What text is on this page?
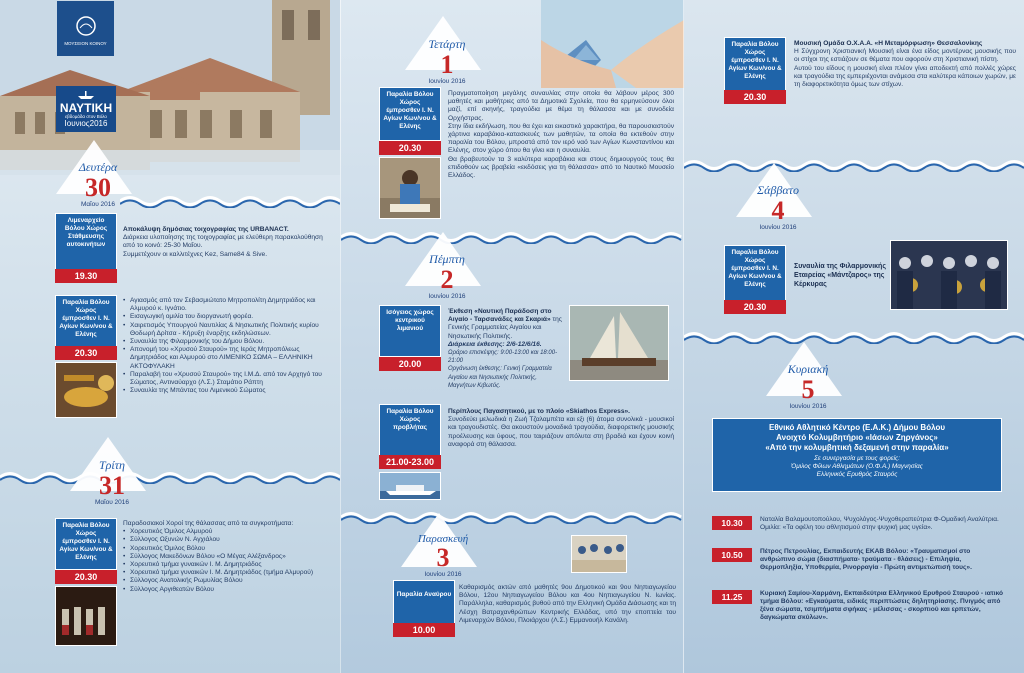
ΜΟΥΣΕΙΟΝ ΚΟΙΝΟΥ
ΝΑΥΤΙΚΗ
εβδομάδα στον Βόλο
Ιουνιος2016
Δευτέρα
30
Μαΐου 2016
Λιμεναρχείο Βόλου Χώρος Στάθμευσης αυτοκινήτων
19.30
Αποκάλυψη δημόσιας τοιχογραφίας της URBANACT.
Διάρκεια υλοποίησης της τοιχογραφίας με ελεύθερη παρακολούθηση από το κοινό: 25-30 Μαΐου.
Συμμετέχουν οι καλλιτέχνες Kez, Same84 & Sive.
Παραλία Βόλου Χώρος έμπροσθεν Ι. Ν. Αγίων Κων/νου & Ελένης
20.30
• Αγιασμός από τον Σεβασμιώτατο Μητροπολίτη Δημητριάδος και Αλμυρού κ. Ιγνάτιο.
• Εισαγωγική ομιλία του διοργανωτή φορέα.
• Χαιρετισμός Υπουργού Ναυτιλίας & Νησιωτικής Πολιτικής κυρίου Θοδωρή Δρίτσα - Κήρυξη έναρξης εκδηλώσεων.
• Συναυλία της Φιλαρμονικής του Δήμου Βόλου.
• Απονομή του «Χρυσού Σταυρού» της Ιεράς Μητροπόλεως Δημητριάδος και Αλμυρού στο ΛΙΜΕΝΙΚΟ ΣΩΜΑ – ΕΛΛΗΝΙΚΗ ΑΚΤΟΦΥΛΑΚΗ
• Παραλαβή του «Χρυσού Σταυρού» της Ι.Μ.Δ. από τον Αρχηγό του Σώματος, Αντιναύαρχο (Λ.Σ.) Σταμάτιο Ράπτη
• Συναυλία της Μπάντας του Λιμενικού Σώματος
Τρίτη
31
Μαΐου 2016
Παραλία Βόλου Χώρος έμπροσθεν Ι. Ν. Αγίων Κων/νου & Ελένης
20.30
Παραδοσιακοί Χοροί της θάλασσας από τα συγκροτήματα:
• Χορευτικός Όμιλος Αλμυρού
• Σύλλογος Ωξυνών Ν. Αγχιάλου
• Χορευτικός Όμιλος Βόλου
• Σύλλογος Μακεδόνων Βόλου «Ο Μέγας Αλέξανδρος»
• Χορευτικό τμήμα γυναικών Ι. Μ. Δημητριάδος
• Χορευτικό τμήμα γυναικών Ι. Μ. Δημητριάδος (τμήμα Αλμυρού)
• Σύλλογος Ανατολικής Ρωμυλίας Βόλου
• Σύλλογος Αργιθεατών Βόλου
Τετάρτη
1
Ιουνίου 2016
Παραλία Βόλου Χώρος έμπροσθεν Ι. Ν. Αγίων Κων/νου & Ελένης
20.30

Πραγματοποίηση μεγάλης συναυλίας στην οποία θα λάβουν μέρος 300 μαθητές και μαθήτριες από τα Δημοτικά Σχολεία, που θα ερμηνεύσουν όλοι μαζί, επί σκηνής, τραγούδια με θέμα τη θάλασσα και με συνοδεία Ορχήστρας.

Στην ίδια εκδήλωση, που θα έχει και εικαστικό χαρακτήρα, θα παρουσιαστούν χάρτινα καραβάκια-κατασκευές των μαθητών, τα οποία θα εκτεθούν στην παραλία του Βόλου, μπροστά από τον ιερό ναό των Αγίων Κωνσταντίνου και Ελένης, στον χώρο όπου θα γίνει και η συναυλία.

Θα βραβευτούν τα 3 καλύτερα καραβάκια και στους δημιουργούς τους θα επιδοθούν ως βραβεία «εκδόσεις για τη θάλασσα» από το Ναυτικό Μουσείο Ελλάδος.

Πέμπτη
2
Ιουνίου 2016
Ισόγειος χώρος κεντρικού λιμανιού
20.00
Έκθεση «Ναυτική Παράδοση στο Αιγαίο - Ταρσανάδες και Σκαριά» της Γενικής Γραμματείας Αιγαίου και Νησιωτικής Πολιτικής.
Διάρκεια έκθεσης: 2/6-12/6/16.
Ωράριο επισκέψης: 9:00-13:00 και 18:00-21:00
Οργάνωση έκθεσης: Γενική Γραμματεία Αιγαίου και Νησιωτικής Πολιτικής, Μαγνήτων Κιβωτός.
Παραλία Βόλου Χώρος προβλήτας
21.00-23.00
Περίπλους Παγασητικού, με το πλοίο «Skiathos Express».

Συνοδεύει μελωδικά η Ζωή Τζαλαμπέτα και εξι (6) άτομα συνολικά - μουσικοί και τραγουδιστές. Θα ακουστούν μοναδικά τραγούδια, διαφορετικής μουσικής προέλευσης και ύφους, που ταιριάζουν απόλυτα στη βραδιά και έχουν κοινή αναφορά στη θάλασσα.

Παρασκευή
3
Ιουνίου 2016
Παραλία Αναύρου
10.00

Καθαρισμός ακτών από μαθητές 9ου Δημοτικού και 9ου Νηπιαγωγείου Βόλου, 12ου Νηπιαγωγείου Βόλου και 4ου Νηπιαγωγείου Ν. Ιωνίας. Παράλληλα, καθαρισμός βυθού από την Ελληνική Ομάδα Διάσωσης και τη Λέσχη Βατραχανθρώπων Κεντρικής Ελλάδας, υπό την εποπτεία του Λιμεναρχών Βόλου, Πλοιάρχου (Λ.Σ.) Εμμανουήλ Κανάλη.

Παραλία Βόλου Χώρος έμπροσθεν Ι. Ν. Αγίων Κων/νου & Ελένης
20.30
Μουσική Ομάδα Ο.Χ.Α.Α. «Η Μεταμόρφωση» Θεσσαλονίκης

Η Σύγχρονη Χριστιανική Μουσική είναι ένα είδος μοντέρνας μουσικής που οι στίχοι της εστιάζουν σε θέματα που αφορούν στη Χριστιανική πίστη.

Αυτού του είδους η μουσική είναι πλέον γίνει αποδεκτή από πολλές χώρες και τραγούδια της εμπεριέχονται ανάμεσα στα καλύτερα κάποιων χωρών, με τη διαφορετικότητα όμως των στίχων.

Σάββατο
4
Ιουνίου 2016
Παραλία Βόλου Χώρος έμπροσθεν Ι. Ν. Αγίων Κων/νου & Ελένης
20.30
Συναυλία της Φιλαρμονικής Εταιρείας «Μάντζαρος» της Κέρκυρας
Κυριακή
5
Ιουνίου 2016
Εθνικό Αθλητικό Κέντρο (Ε.Α.Κ.) Δήμου Βόλου
Ανοιχτό Κολυμβητήριο «Ιάσων Ζηργάνος»
«Από την κολυμβητική δεξαμενή στην παραλία»
Σε συνεργασία με τους φορείς:
Όμιλος Φίλων Αθλημάτων (Ο.Φ.Α.) Μαγνησίας
Ελληνικός Ερυθρός Σταυρός
10.30	Ναταλία Βαλαμουτοπούλου, Ψυχολόγος-Ψυχοθεραπεύτρια Φ-Ομαδική Αναλύτρια. Ομιλία: «Τα οφέλη του αθλητισμού στην ψυχική μας υγεία».
10.50	Πέτρος Πετρουλίας, Εκπαιδευτής ΕΚΑΒ Βόλου: «Τραυματισμοί στο ανθρώπινο σώμα (διασπήματα- τραύματα - θλάσεις) - Επιληψία, Θερμοπληξία, Υποθερμία, Ρινορραγία - Πρώτη αντιμετώπισή τους».
11.25	Κυριακή Σαμίου-Χαρμάνη, Εκπαιδεύτρια Ελληνικού Ερυθρού Σταυρού - ιατικό τμήμα Βόλου: «Εγκαύματα, ειδικές περιπτώσεις δηλητηρίασης. Πνιγμός από ξένα σώματα, τσιμπήματα σφήκας - μέλισσας - σκορπιού και ερπετών, δαγκώματα σκύλων».
